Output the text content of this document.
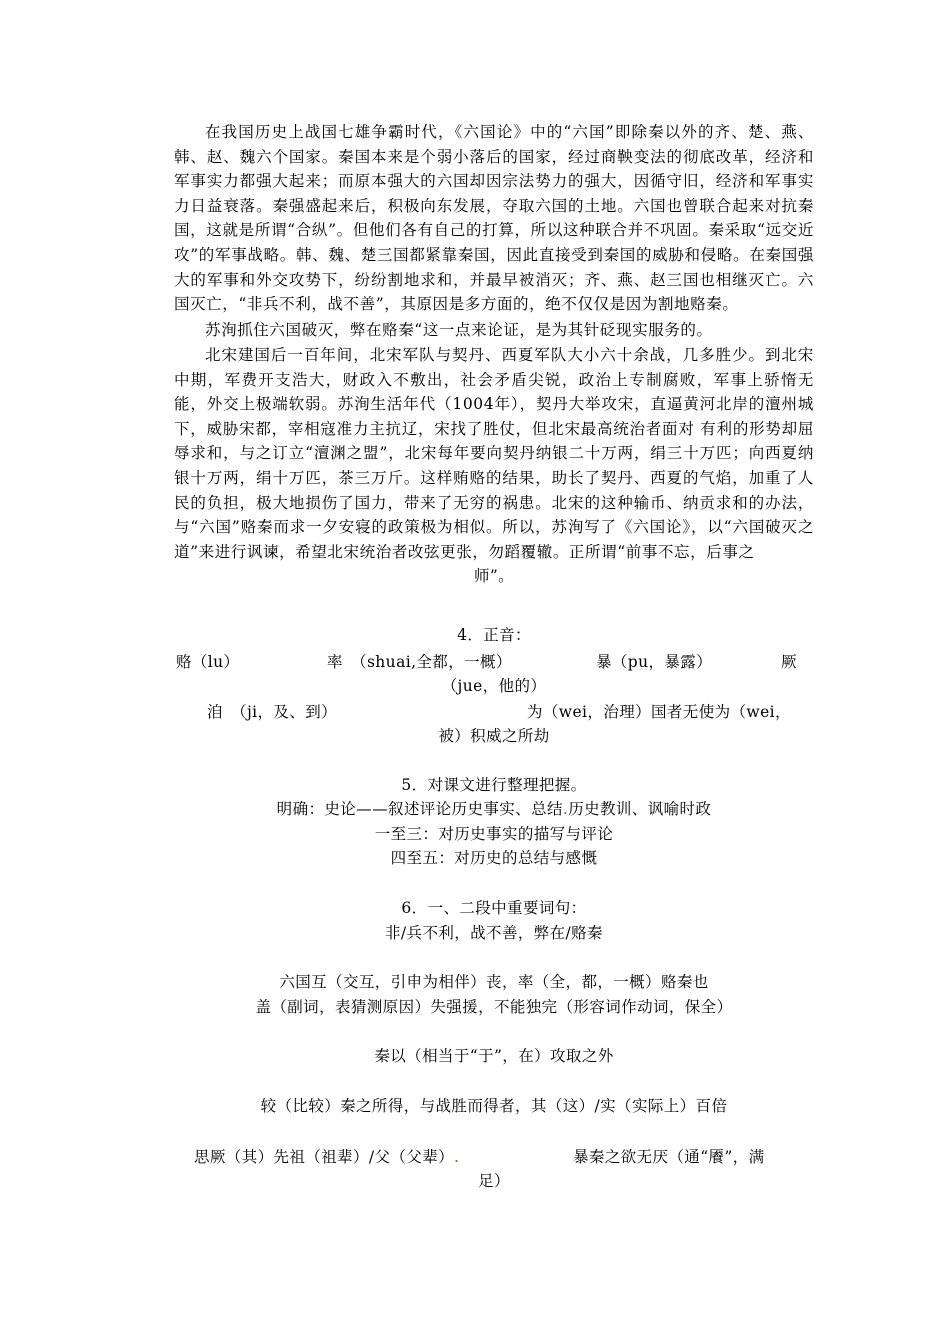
在我国历史上战国七雄争霸时代，《六国论》中的“六国”即除秦以外的齐、楚、燕、韩、赵、魏六个国家。秦国本来是个弱小落后的国家，经过商鞅变法的彻底改革，经济和军事实力都强大起来；而原本强大的六国却因宗法势力的强大，因循守旧，经济和军事实力日益衰落。秦强盛起来后，积极向东发展，夺取六国的土地。六国也曾联合起来对抗秦国，这就是所谓“合纵”。但他们各有自己的打算，所以这种联合并不巩固。秦采取“远交近攻”的军事战略。韩、魏、楚三国都紧靠秦国，因此直接受到秦国的威胁和侵略。在秦国强大的军事和外交攻势下，纷纷割地求和，并最早被消灭；齐、燕、赵三国也相继灭亡。六国灭亡，“非兵不利，战不善”，其原因是多方面的，绝不仅仅是因为割地赂秦。
苏洵抓住六国破灭，弊在赂秦“这一点来论证，是为其针砭现实服务的。
北宋建国后一百年间，北宋军队与契丹、西夏军队大小六十余战，几多胜少。到北宋中期，军费开支浩大，财政入不敷出，社会矛盾尖锐，政治上专制腐败，军事上骄惰无能，外交上极端软弱。苏洵生活年代（1004年），契丹大举攻宋，直逼黄河北岸的澶州城下，威胁宋都，宰相寇准力主抗辽，宋找了胜仗，但北宋最高统治者面对 有利的形势却屈辱求和，与之订立“澶渊之盟”，北宋每年要向契丹纳银二十万两，绢三十万匹；向西夏纳银十万两，绢十万匹，茶三万斤。这样贿赂的结果，助长了契丹、西夏的气焰，加重了人民的负担，极大地损伤了国力，带来了无穷的祸患。北宋的这种输币、纳贡求和的办法，与“六国”赂秦而求一夕安寝的政策极为相似。所以，苏洵写了《六国论》，以“六国破灭之道”来进行讽谏，希望北宋统治者改弦更张，勿蹈覆辙。正所谓“前事不忘，后事之
师”。
4．正音：
赂（lu）	率　（shuai,全都，一概）	暴（pu，暴露）	厥
（jue，他的）
洎　（ji，及、到）	为（wei，治理）国者无使为（wei，
被）积威之所劫
5．对课文进行整理把握。
明确：史论——叙述评论历史事实、总结.历史教训、讽喻时政
一至三：对历史事实的描写与评论
四至五：对历史的总结与感慨
6．一、二段中重要词句：
非/兵不利，战不善，弊在/赂秦
六国互（交互，引申为相伴）丧，率（全，都，一概）赂秦也
盖（副词，表猜测原因）失强援，不能独完（形容词作动词，保全）
秦以（相当于“于”，在）攻取之外
较（比较）秦之所得，与战胜而得者，其（这）/实（实际上）百倍
思厥（其）先祖（祖辈）/父（父辈）.	暴秦之欲无厌（通“餍”，满
足）
